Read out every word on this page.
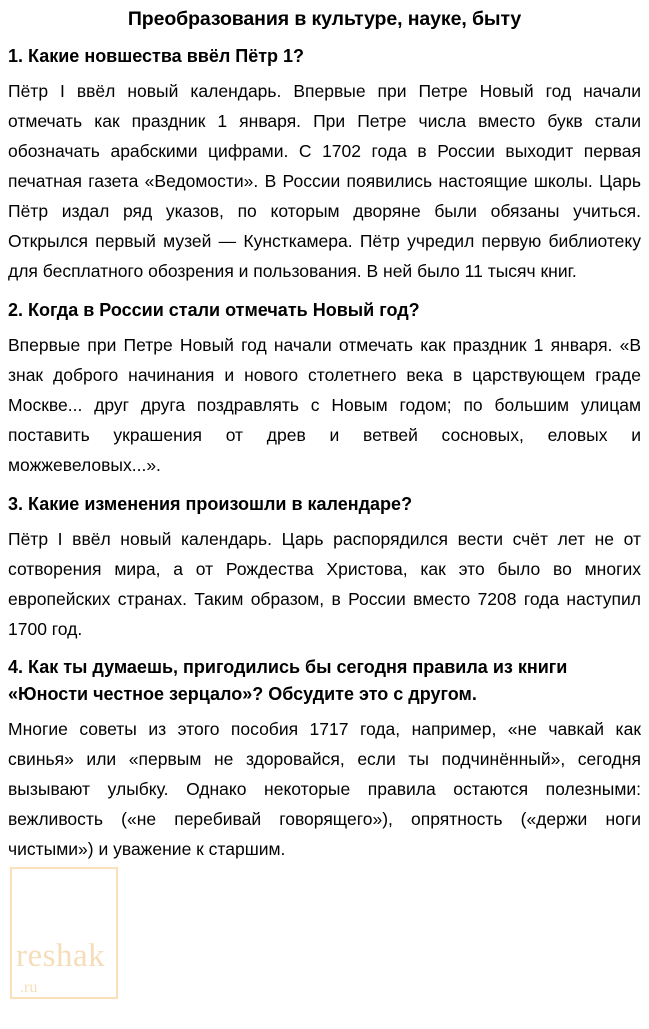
Преобразования в культуре, науке, быту
1. Какие новшества ввёл Пётр 1?

Пётр I ввёл новый календарь. Впервые при Петре Новый год начали отмечать как праздник 1 января. При Петре числа вместо букв стали обозначать арабскими цифрами. С 1702 года в России выходит первая печатная газета «Ведомости». В России появились настоящие школы. Царь Пётр издал ряд указов, по которым дворяне были обязаны учиться. Открылся первый музей — Кунсткамера. Пётр учредил первую библиотеку для бесплатного обозрения и пользования. В ней было 11 тысяч книг.

2. Когда в России стали отмечать Новый год?

Впервые при Петре Новый год начали отмечать как праздник 1 января. «В знак доброго начинания и нового столетнего века в царствующем граде Москве... друг друга поздравлять с Новым годом; по большим улицам поставить украшения от древ и ветвей сосновых, еловых и можжевеловых...».

3. Какие изменения произошли в календаре?

Пётр I ввёл новый календарь. Царь распорядился вести счёт лет не от сотворения мира, а от Рождества Христова, как это было во многих европейских странах. Таким образом, в России вместо 7208 года наступил 1700 год.

4. Как ты думаешь, пригодились бы сегодня правила из книги «Юности честное зерцало»? Обсудите это с другом.

Многие советы из этого пособия 1717 года, например, «не чавкай как свинья» или «первым не здоровайся, если ты подчинённый», сегодня вызывают улыбку. Однако некоторые правила остаются полезными: вежливость («не перебивай говорящего»), опрятность («держи ноги чистыми») и уважение к старшим.

reshak
.ru
